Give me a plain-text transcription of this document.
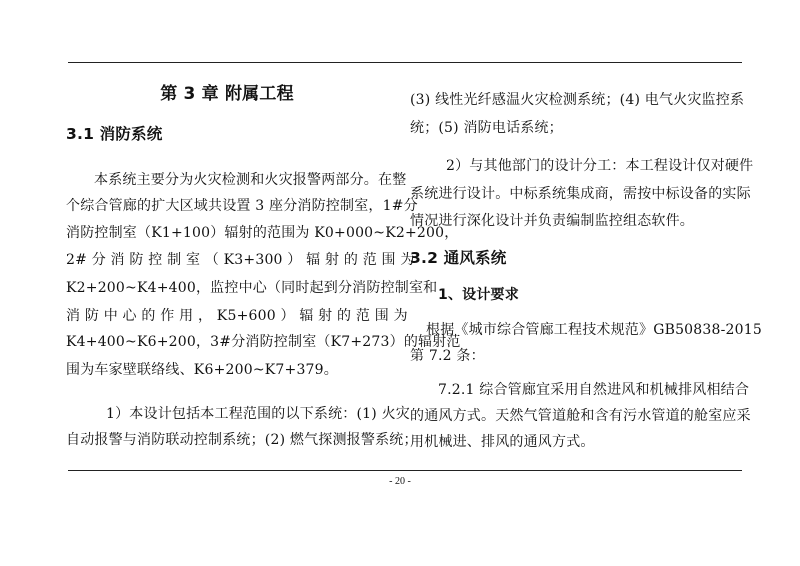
第 3 章 附属工程
3.1 消防系统
本系统主要分为火灾检测和火灾报警两部分。在整
个综合管廊的扩大区域共设置 3 座分消防控制室，1#分
消防控制室（K1+100）辐射的范围为 K0+000~K2+200，
2# 分 消 防 控 制 室 （ K3+300 ） 辐 射 的 范 围 为
K2+200~K4+400，监控中心（同时起到分消防控制室和
消 防 中 心 的 作 用 ， K5+600 ） 辐 射 的 范 围 为
K4+400~K6+200，3#分消防控制室（K7+273）的辐射范
围为车家壁联络线、K6+200~K7+379。
1）本设计包括本工程范围的以下系统：(1) 火灾
自动报警与消防联动控制系统；(2) 燃气探测报警系统；
(3) 线性光纤感温火灾检测系统；(4) 电气火灾监控系
统；(5) 消防电话系统；
2）与其他部门的设计分工：本工程设计仅对硬件
系统进行设计。中标系统集成商，需按中标设备的实际
情况进行深化设计并负责编制监控组态软件。
3.2 通风系统
1、设计要求
根据《城市综合管廊工程技术规范》GB50838-2015
第 7.2 条：
7.2.1 综合管廊宜采用自然进风和机械排风相结合
的通风方式。天然气管道舱和含有污水管道的舱室应采
用机械进、排风的通风方式。
- 20 -
